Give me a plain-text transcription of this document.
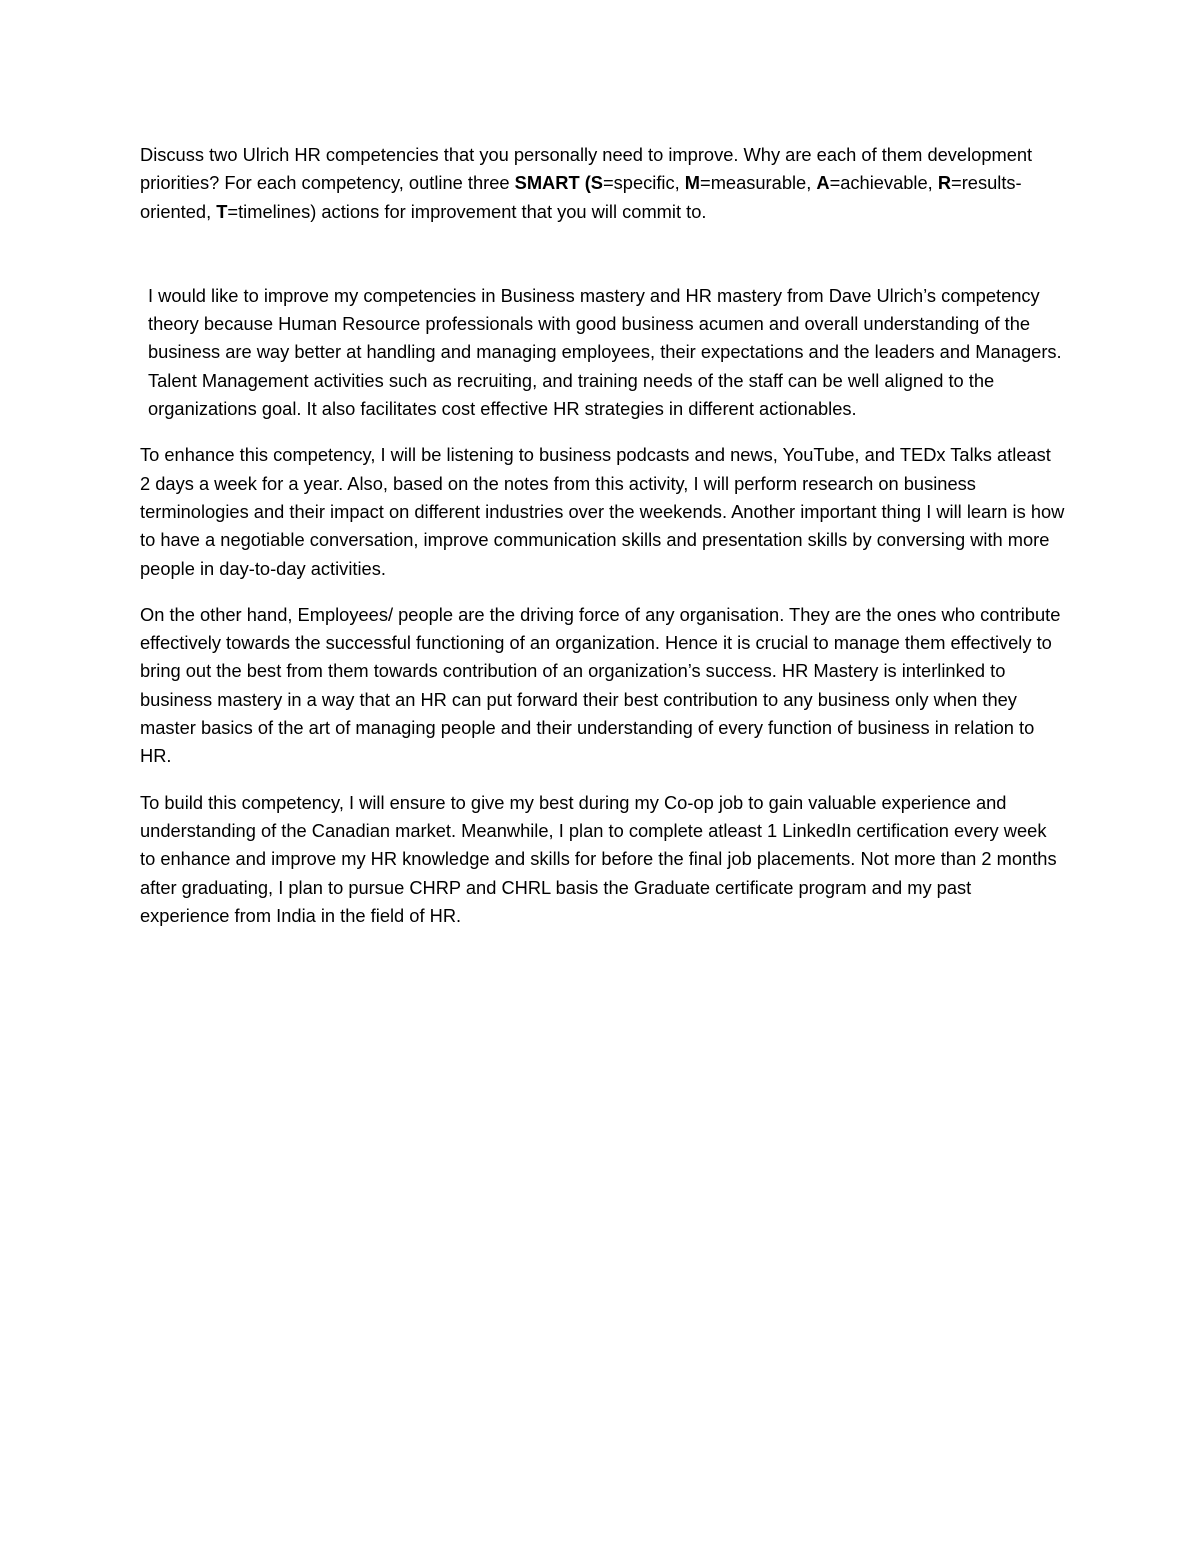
Discuss two Ulrich HR competencies that you personally need to improve. Why are each of them development priorities? For each competency, outline three SMART (S=specific, M=measurable, A=achievable, R=results-oriented, T=timelines) actions for improvement that you will commit to.

I would like to improve my competencies in Business mastery and HR mastery from Dave Ulrich’s competency theory because Human Resource professionals with good business acumen and overall understanding of the business are way better at handling and managing employees, their expectations and the leaders and Managers. Talent Management activities such as recruiting, and training needs of the staff can be well aligned to the organizations goal. It also facilitates cost effective HR strategies in different actionables.

To enhance this competency, I will be listening to business podcasts and news, YouTube, and TEDx Talks atleast 2 days a week for a year. Also, based on the notes from this activity, I will perform research on business terminologies and their impact on different industries over the weekends. Another important thing I will learn is how to have a negotiable conversation, improve communication skills and presentation skills by conversing with more people in day-to-day activities.

On the other hand, Employees/ people are the driving force of any organisation. They are the ones who contribute effectively towards the successful functioning of an organization. Hence it is crucial to manage them effectively to bring out the best from them towards contribution of an organization’s success. HR Mastery is interlinked to business mastery in a way that an HR can put forward their best contribution to any business only when they master basics of the art of managing people and their understanding of every function of business in relation to HR.

To build this competency, I will ensure to give my best during my Co-op job to gain valuable experience and understanding of the Canadian market. Meanwhile, I plan to complete atleast 1 LinkedIn certification every week to enhance and improve my HR knowledge and skills for before the final job placements. Not more than 2 months after graduating, I plan to pursue CHRP and CHRL basis the Graduate certificate program and my past experience from India in the field of HR.
